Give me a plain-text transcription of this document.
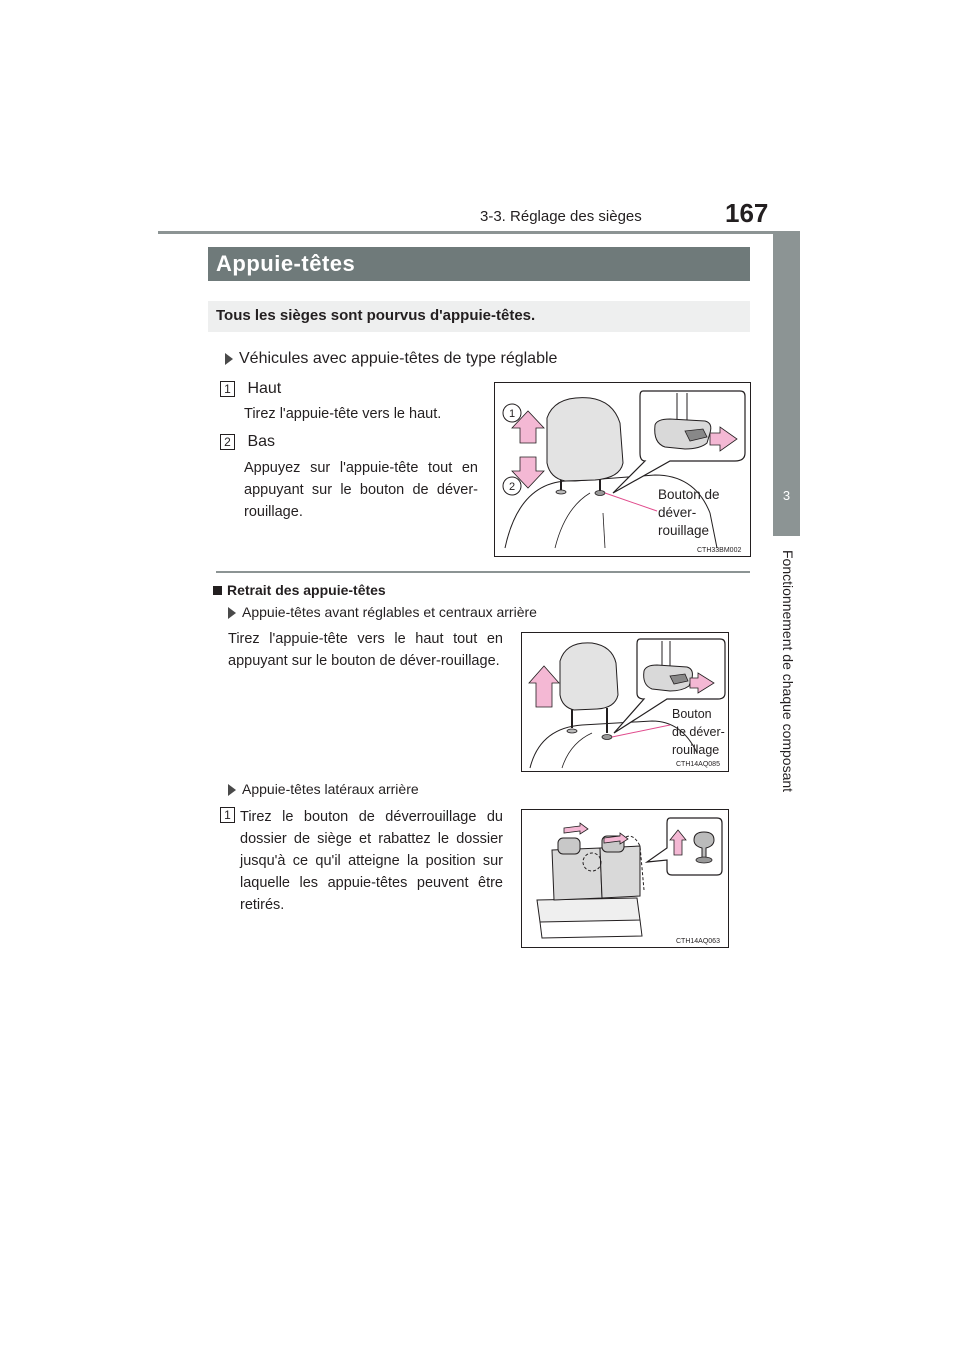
3-3. Réglage des sièges	167
3
Fonctionnement de chaque composant
Appuie-têtes
Tous les sièges sont pourvus d'appuie-têtes.
Véhicules avec appuie-têtes de type réglable
1 Haut
Tirez l'appuie-tête vers le haut.
2 Bas
Appuyez sur l'appuie-tête tout en appuyant sur le bouton de déver-rouillage.
1
2	Bouton de
déver-
rouillage
CTH33BM002
Retrait des appuie-têtes
Appuie-têtes avant réglables et centraux arrière
Tirez l'appuie-tête vers le haut tout en appuyant sur le bouton de déver-rouillage.
Bouton
de déver-
rouillage
CTH14AQ085
Appuie-têtes latéraux arrière
1 Tirez le bouton de déverrouillage du dossier de siège et rabattez le dossier jusqu'à ce qu'il atteigne la position sur laquelle les appuie-têtes peuvent être retirés.
CTH14AQ063
